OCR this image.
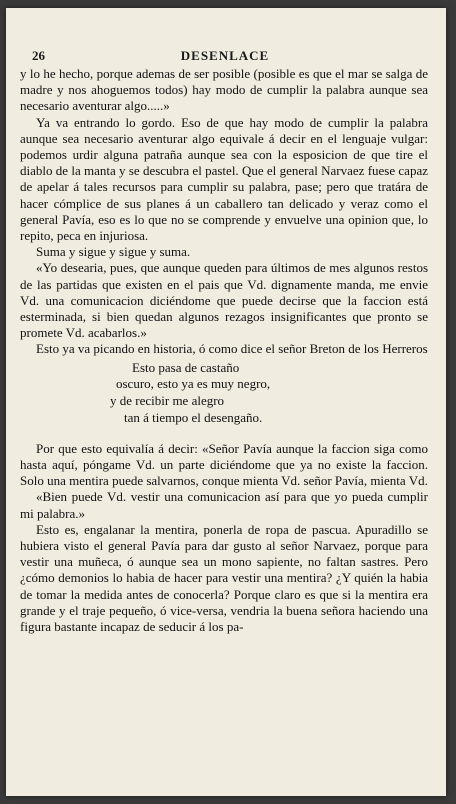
26	DESENLACE

y lo he hecho, porque ademas de ser posible (posible es que el mar se salga de madre y nos ahoguemos todos) hay modo de cumplir la palabra aunque sea necesario aventurar algo.....»

Ya va entrando lo gordo. Eso de que hay modo de cumplir la palabra aunque sea necesario aventurar algo equivale á decir en el lenguaje vulgar: podemos urdir alguna patraña aunque sea con la esposicion de que tire el diablo de la manta y se descubra el pastel. Que el general Narvaez fuese capaz de apelar á tales recursos para cumplir su palabra, pase; pero que tratára de hacer cómplice de sus planes á un caballero tan delicado y veraz como el general Pavía, eso es lo que no se comprende y envuelve una opinion que, lo repito, peca en injuriosa.

Suma y sigue y sigue y suma.

«Yo desearia, pues, que aunque queden para últimos de mes algunos restos de las partidas que existen en el pais que Vd. dignamente manda, me envie Vd. una comunicacion diciéndome que puede decirse que la faccion está esterminada, si bien quedan algunos rezagos insignificantes que pronto se promete Vd. acabarlos.»

Esto ya va picando en historia, ó como dice el señor Breton de los Herreros

Esto pasa de castaño
oscuro, esto ya es muy negro,
y de recibir me alegro
tan á tiempo el desengaño.

Por que esto equivalía á decir: «Señor Pavía aunque la faccion siga como hasta aquí, póngame Vd. un parte diciéndome que ya no existe la faccion. Solo una mentira puede salvarnos, conque mienta Vd. señor Pavía, mienta Vd.

«Bien puede Vd. vestir una comunicacion así para que yo pueda cumplir mi palabra.»

Esto es, engalanar la mentira, ponerla de ropa de pascua. Apuradillo se hubiera visto el general Pavía para dar gusto al señor Narvaez, porque para vestir una muñeca, ó aunque sea un mono sapiente, no faltan sastres. Pero ¿cómo demonios lo habia de hacer para vestir una mentira? ¿Y quién la habia de tomar la medida antes de conocerla? Porque claro es que si la mentira era grande y el traje pequeño, ó vice-versa, vendria la buena señora haciendo una figura bastante incapaz de seducir á los pa-
